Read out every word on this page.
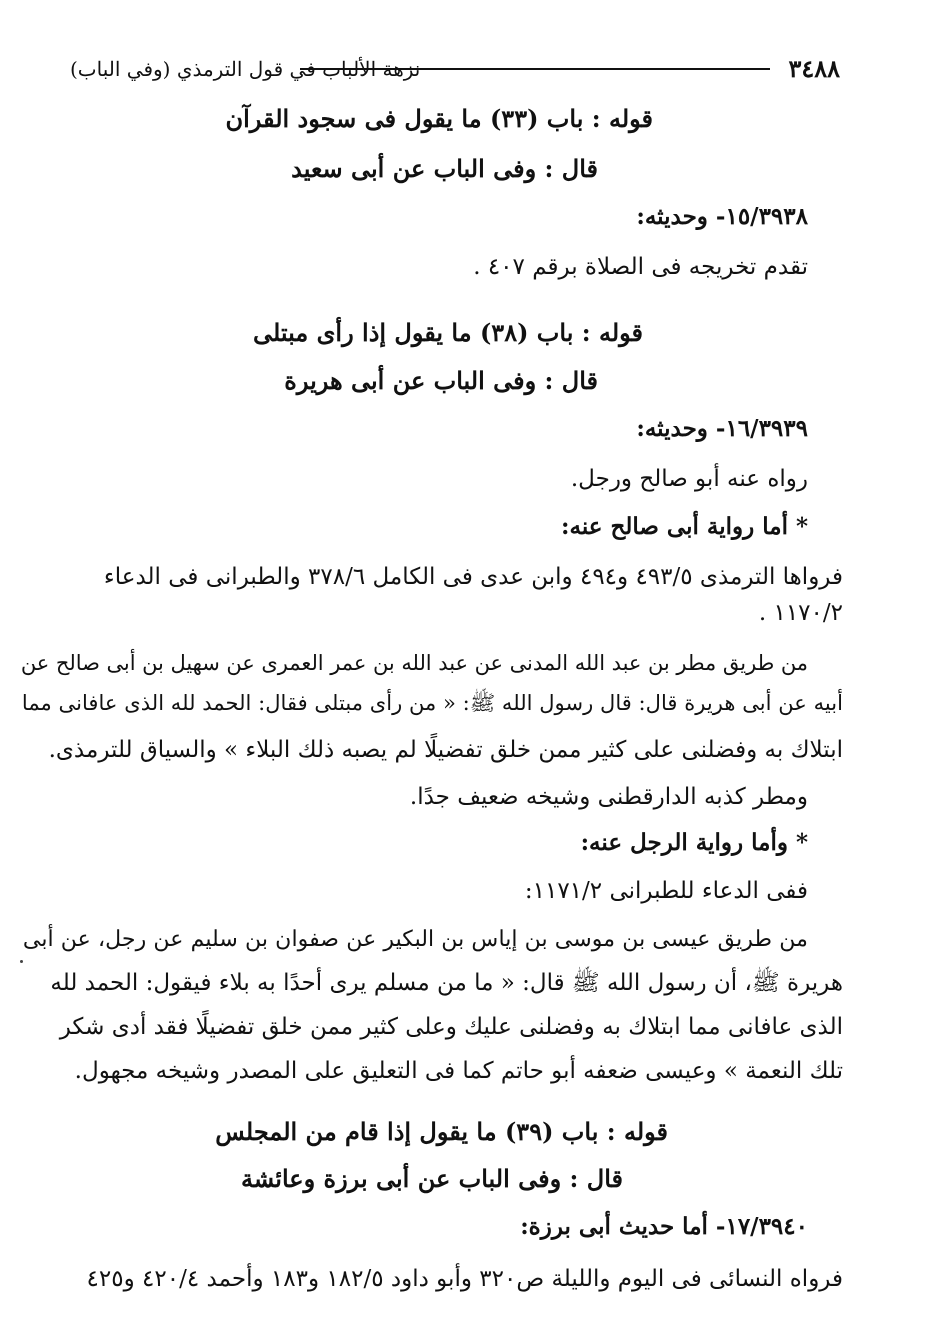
٣٤٨٨
نزهة الألباب في قول الترمذي (وفي الباب)
قوله : باب (٣٣) ما يقول فى سجود القرآن
قال : وفى الباب عن أبى سعيد
١٥/٣٩٣٨- وحديثه:
تقدم تخريجه فى الصلاة برقم ٤٠٧ .
قوله : باب (٣٨) ما يقول إذا رأى مبتلى
قال : وفى الباب عن أبى هريرة
١٦/٣٩٣٩- وحديثه:
رواه عنه أبو صالح ورجل.
* أما رواية أبى صالح عنه:
فرواها الترمذى ٤٩٣/٥ و٤٩٤ وابن عدى فى الكامل ٣٧٨/٦ والطبرانى فى الدعاء
١١٧٠/٢ .
من طريق مطر بن عبد الله المدنى عن عبد الله بن عمر العمرى عن سهيل بن أبى صالح عن
أبيه عن أبى هريرة قال: قال رسول الله ﷺ: « من رأى مبتلى فقال: الحمد لله الذى عافانى مما
ابتلاك به وفضلنى على كثير ممن خلق تفضيلًا لم يصبه ذلك البلاء » والسياق للترمذى.
ومطر كذبه الدارقطنى وشيخه ضعيف جدًا.
* وأما رواية الرجل عنه:
ففى الدعاء للطبرانى ١١٧١/٢:
من طريق عيسى بن موسى بن إياس بن البكير عن صفوان بن سليم عن رجل، عن أبى
هريرة ﷺ، أن رسول الله ﷺ قال: « ما من مسلم يرى أحدًا به بلاء فيقول: الحمد لله
الذى عافانى مما ابتلاك به وفضلنى عليك وعلى كثير ممن خلق تفضيلًا فقد أدى شكر
تلك النعمة » وعيسى ضعفه أبو حاتم كما فى التعليق على المصدر وشيخه مجهول.
قوله : باب (٣٩) ما يقول إذا قام من المجلس
قال : وفى الباب عن أبى برزة وعائشة
١٧/٣٩٤٠- أما حديث أبى برزة:
فرواه النسائى فى اليوم والليلة ص٣٢٠ وأبو داود ١٨٢/٥ و١٨٣ وأحمد ٤٢٠/٤ و٤٢٥
